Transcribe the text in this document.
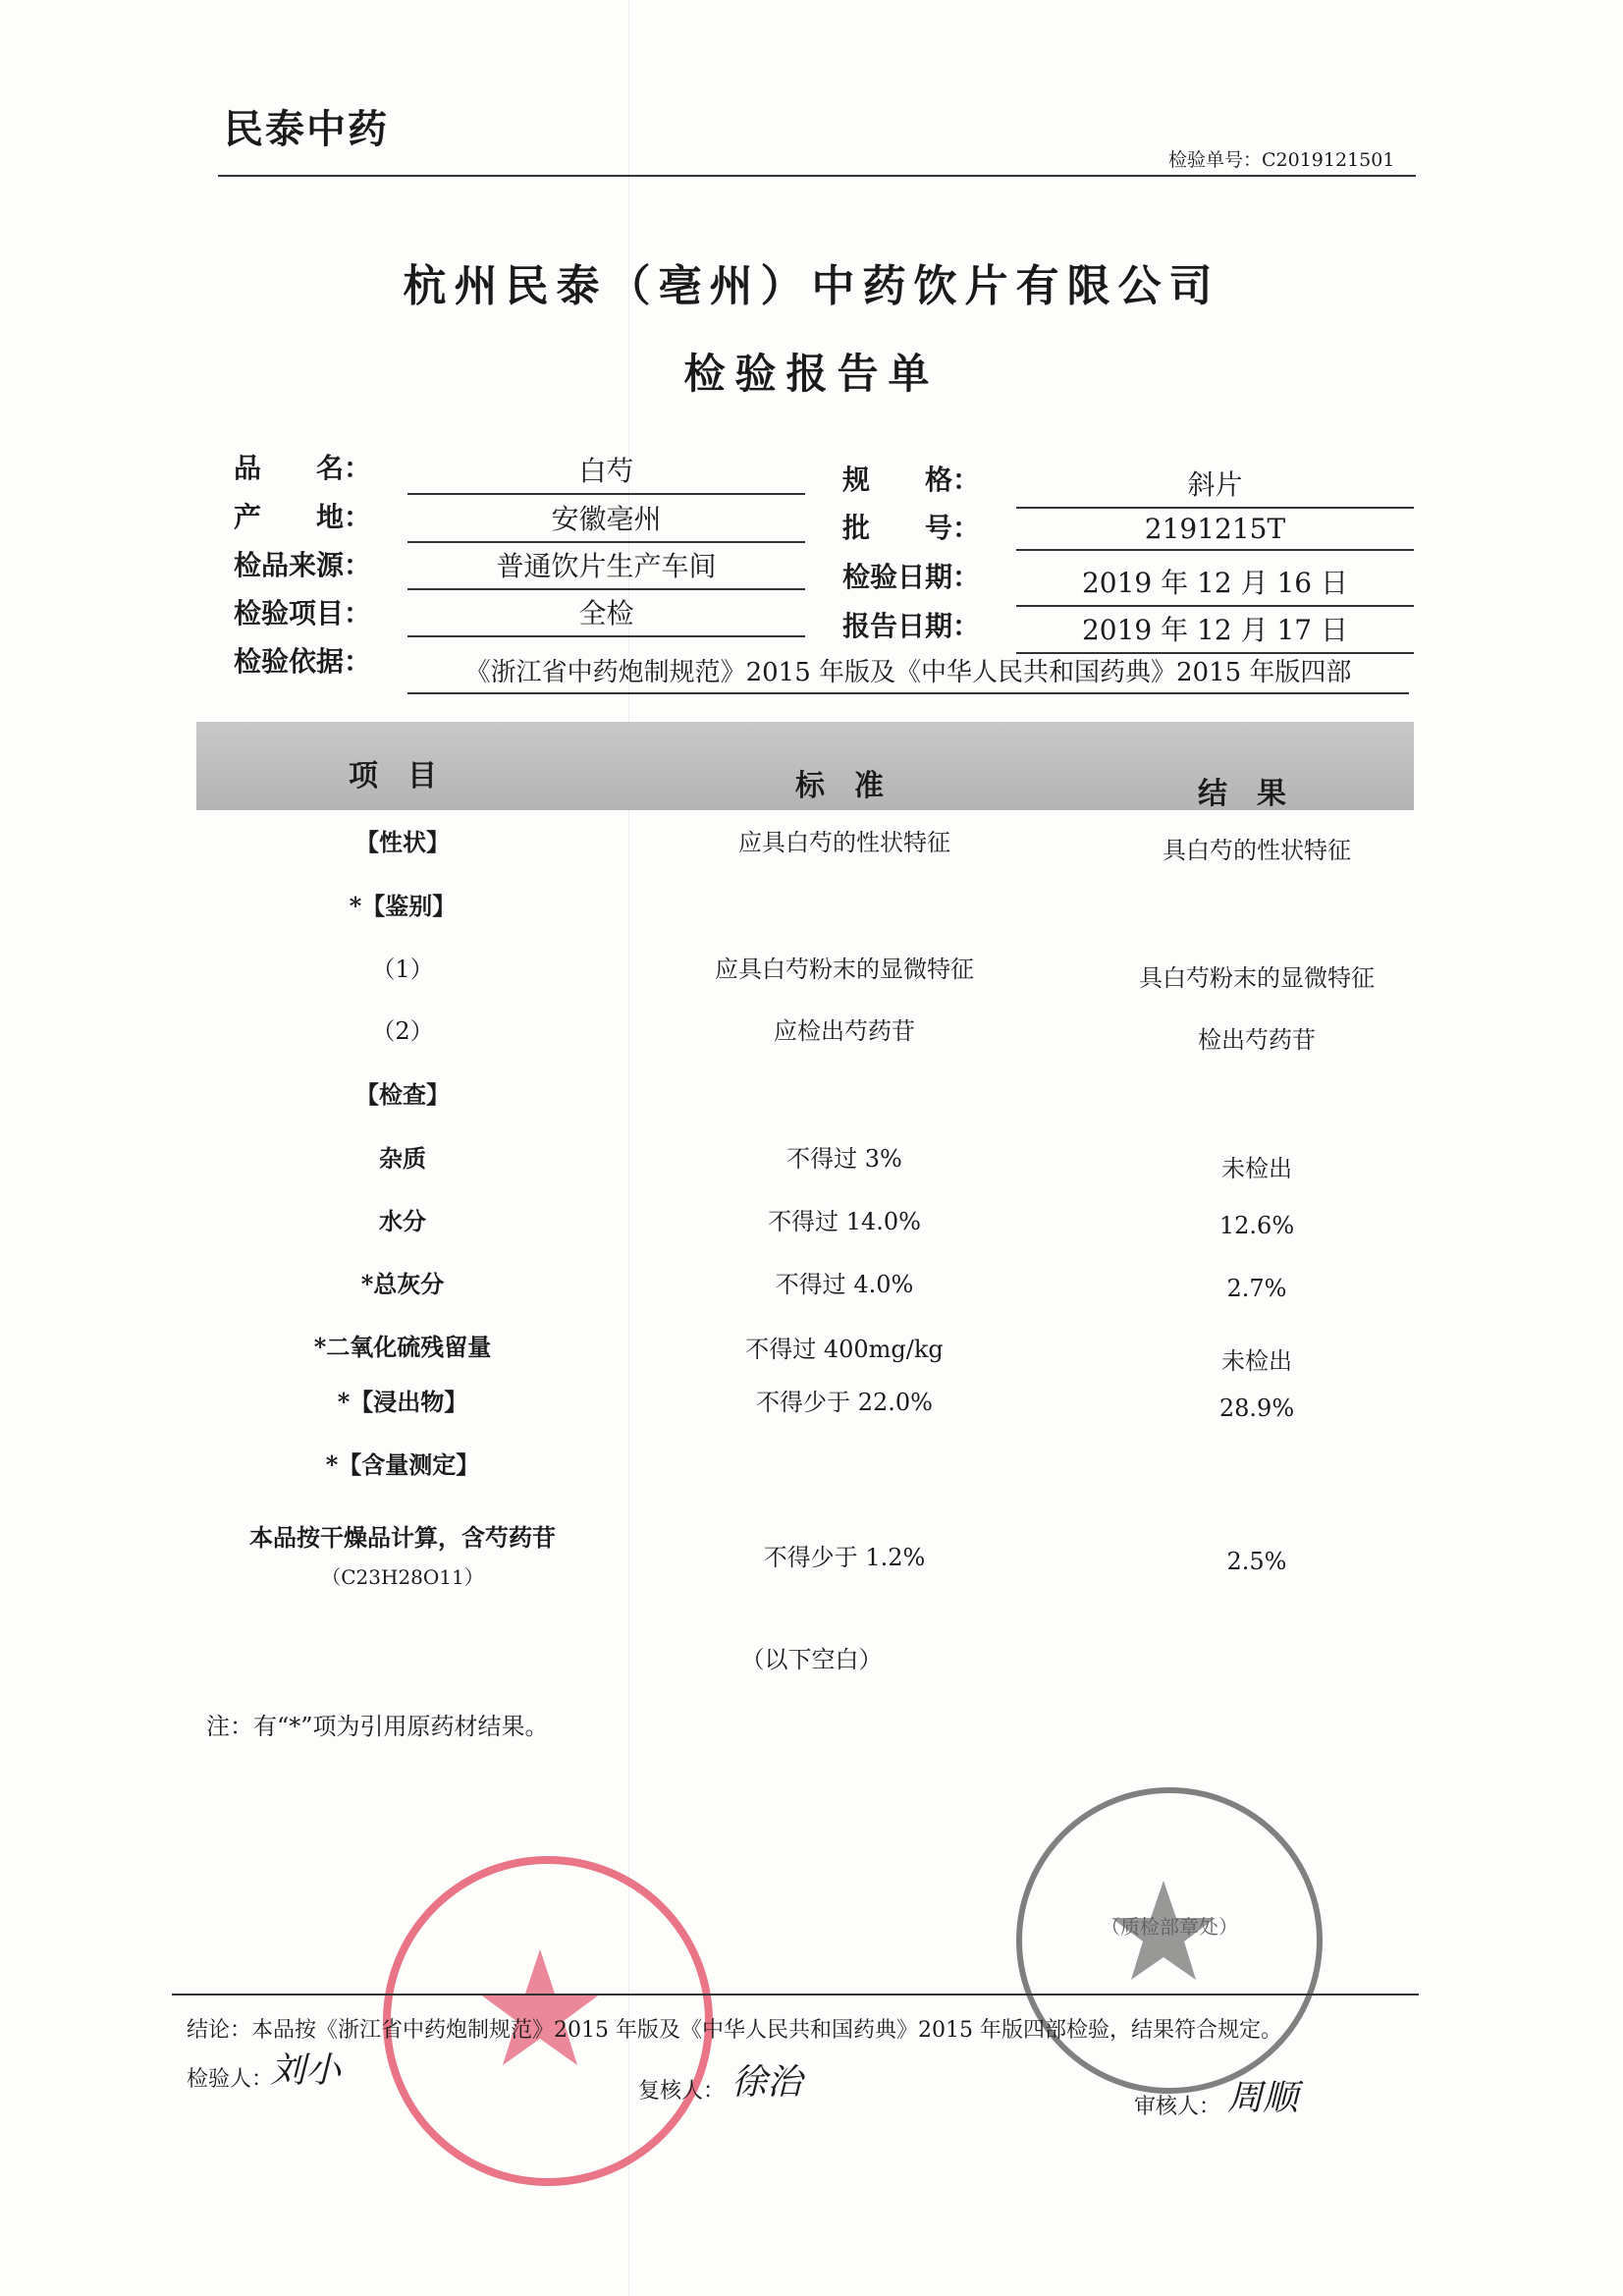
民泰中药
检验单号：C2019121501
杭州民泰（亳州）中药饮片有限公司
检验报告单
品　　名：	白芍
产　　地：	安徽亳州
检品来源：	普通饮片生产车间
检验项目：	全检
检验依据：	《浙江省中药炮制规范》2015 年版及《中华人民共和国药典》2015 年版四部
规　　格：	斜片
批　　号：	2191215T
检验日期：	2019 年 12 月 16 日
报告日期：	2019 年 12 月 17 日
项目	标准	结果
【性状】	应具白芍的性状特征	具白芍的性状特征
*【鉴别】
（1）	应具白芍粉末的显微特征	具白芍粉末的显微特征
（2）	应检出芍药苷	检出芍药苷
【检查】
杂质	不得过 3%	未检出
水分	不得过 14.0%	12.6%
*总灰分	不得过 4.0%	2.7%
*二氧化硫残留量	不得过 400mg/kg	未检出
*【浸出物】	不得少于 22.0%	28.9%
*【含量测定】
本品按干燥品计算，含芍药苷
（C23H28O11）
不得少于 1.2%	2.5%
（以下空白）
注：有“*”项为引用原药材结果。
（质检部章处）
结论：本品按《浙江省中药炮制规范》2015 年版及《中华人民共和国药典》2015 年版四部检验，结果符合规定。
检验人：
刘小
复核人： 徐治
审核人： 周顺
